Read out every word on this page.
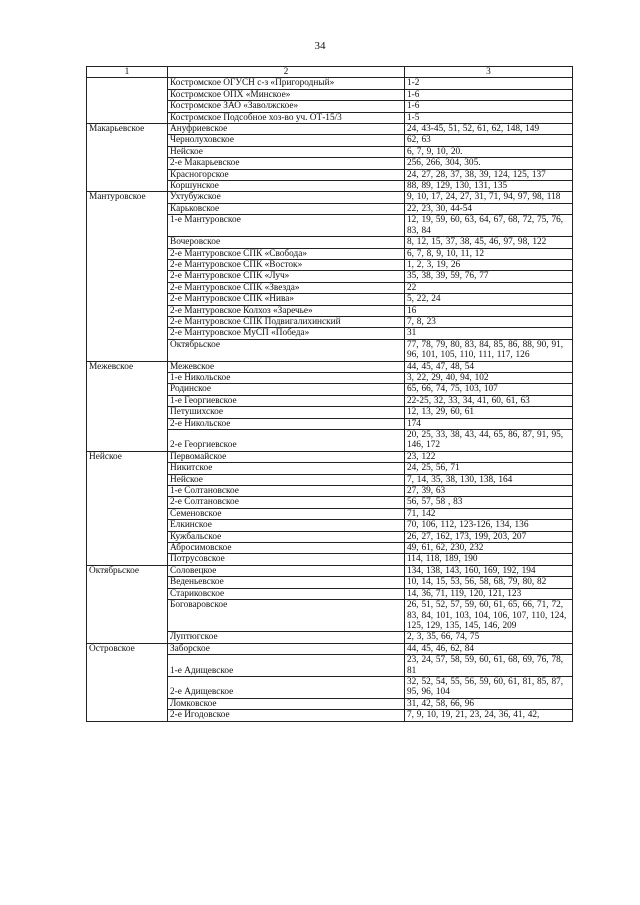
34
1	2	3
	Костромское ОГУСН с-з «Пригородный»	1-2
	Костромское ОПХ «Минское»	1-6
	Костромское ЗАО «Заволжское»	1-6
	Костромское Подсобное хоз-во уч. ОТ-15/3	1-5
Макарьевское	Ануфриевское	24, 43-45, 51, 52, 61, 62, 148, 149
	Чернолуховское	62, 63
	Нейское	6, 7, 9, 10, 20.
	2-е Макарьевское	256, 266, 304, 305.
	Красногорское	24, 27, 28, 37, 38, 39, 124, 125, 137
	Коршунское	88, 89, 129, 130, 131, 135
Мантуровское	Ухтубужское	9, 10, 17, 24, 27, 31, 71, 94, 97, 98, 118
	Карьковское	22, 23, 30, 44-54
	1-е Мантуровское	12, 19, 59, 60, 63, 64, 67, 68, 72, 75, 76, 83, 84
	Вочеровское	8, 12, 15, 37, 38, 45, 46, 97, 98, 122
	2-е Мантуровское СПК «Свобода»	6, 7, 8, 9, 10, 11, 12
	2-е Мантуровское СПК «Восток»	1, 2, 3, 19, 26
	2-е Мантуровское СПК «Луч»	35, 38, 39, 59, 76, 77
	2-е Мантуровское СПК «Звезда»	22
	2-е Мантуровское СПК «Нива»	5, 22, 24
	2-е Мантуровское Колхоз «Заречье»	16
	2-е Мантуровское СПК Подвигалихинский	7, 8, 23
	2-е Мантуровское МуСП «Победа»	31
	Октябрьское	77, 78, 79, 80, 83, 84, 85, 86, 88, 90, 91, 96, 101, 105, 110, 111, 117, 126
Межевское	Межевское	44, 45, 47, 48, 54
	1-е Никольское	3, 22, 29, 40, 94, 102
	Родинское	65, 66, 74, 75, 103, 107
	1-е Георгиевское	22-25, 32, 33, 34, 41, 60, 61, 63
	Петушихское	12, 13, 29, 60, 61
	2-е Никольское	174
	2-е Георгиевское	20, 25, 33, 38, 43, 44, 65, 86, 87, 91, 95, 146, 172
Нейское	Первомайское	23, 122
	Никитское	24, 25, 56, 71
	Нейское	7, 14, 35, 38, 130, 138, 164
	1-е Солтановское	27, 39, 63
	2-е Солтановское	56, 57, 58 , 83
	Семеновское	71, 142
	Ёлкинское	70, 106, 112, 123-126, 134, 136
	Кужбальское	26, 27, 162, 173, 199, 203, 207
	Абросимовское	49, 61, 62, 230, 232
	Потрусовское	114, 118, 189, 190
Октябрьское	Соловецкое	134, 138, 143, 160, 169, 192, 194
	Веденьевское	10, 14, 15, 53, 56, 58, 68, 79, 80, 82
	Стариковское	14, 36, 71, 119, 120, 121, 123
	Боговаровское	26, 51, 52, 57, 59, 60, 61, 65, 66, 71, 72, 83, 84, 101, 103, 104, 106, 107, 110, 124, 125, 129, 135, 145, 146, 209
	Луптюгское	2, 3, 35, 66, 74, 75
Островское	Заборское	44, 45, 46, 62, 84
	1-е Адищевское	23, 24, 57, 58, 59, 60, 61, 68, 69, 76, 78, 81
	2-е Адищевское	32, 52, 54, 55, 56, 59, 60, 61, 81, 85, 87, 95, 96, 104
	Ломковское	31, 42, 58, 66, 96
	2-е Игодовское	7, 9, 10, 19, 21, 23, 24, 36, 41, 42,
